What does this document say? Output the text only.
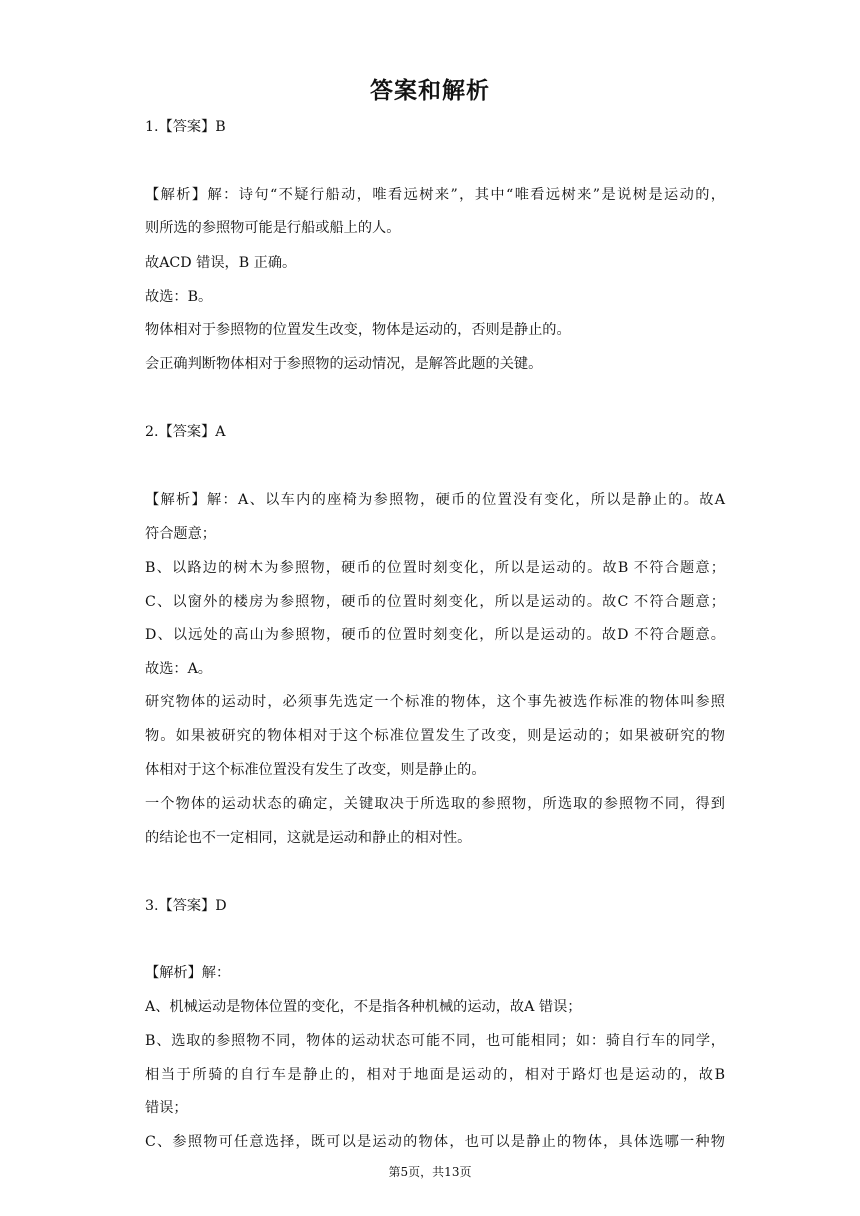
答案和解析
1.【答案】B
【解析】解：诗句“不疑行船动，唯看远树来”，其中“唯看远树来”是说树是运动的，
则所选的参照物可能是行船或船上的人。
故ACD 错误，B 正确。
故选：B。
物体相对于参照物的位置发生改变，物体是运动的，否则是静止的。
会正确判断物体相对于参照物的运动情况，是解答此题的关键。
2.【答案】A
【解析】解：A、以车内的座椅为参照物，硬币的位置没有变化，所以是静止的。故A
符合题意；
B、以路边的树木为参照物，硬币的位置时刻变化，所以是运动的。故B 不符合题意；
C、以窗外的楼房为参照物，硬币的位置时刻变化，所以是运动的。故C 不符合题意；
D、以远处的高山为参照物，硬币的位置时刻变化，所以是运动的。故D 不符合题意。
故选：A。
研究物体的运动时，必须事先选定一个标准的物体，这个事先被选作标准的物体叫参照
物。如果被研究的物体相对于这个标准位置发生了改变，则是运动的；如果被研究的物
体相对于这个标准位置没有发生了改变，则是静止的。
一个物体的运动状态的确定，关键取决于所选取的参照物，所选取的参照物不同，得到
的结论也不一定相同，这就是运动和静止的相对性。
3.【答案】D
【解析】解：
A、机械运动是物体位置的变化，不是指各种机械的运动，故A 错误；
B、选取的参照物不同，物体的运动状态可能不同，也可能相同；如：骑自行车的同学，
相当于所骑的自行车是静止的，相对于地面是运动的，相对于路灯也是运动的，故B
错误；
C、参照物可任意选择，既可以是运动的物体，也可以是静止的物体，具体选哪一种物
第5页，共13页
